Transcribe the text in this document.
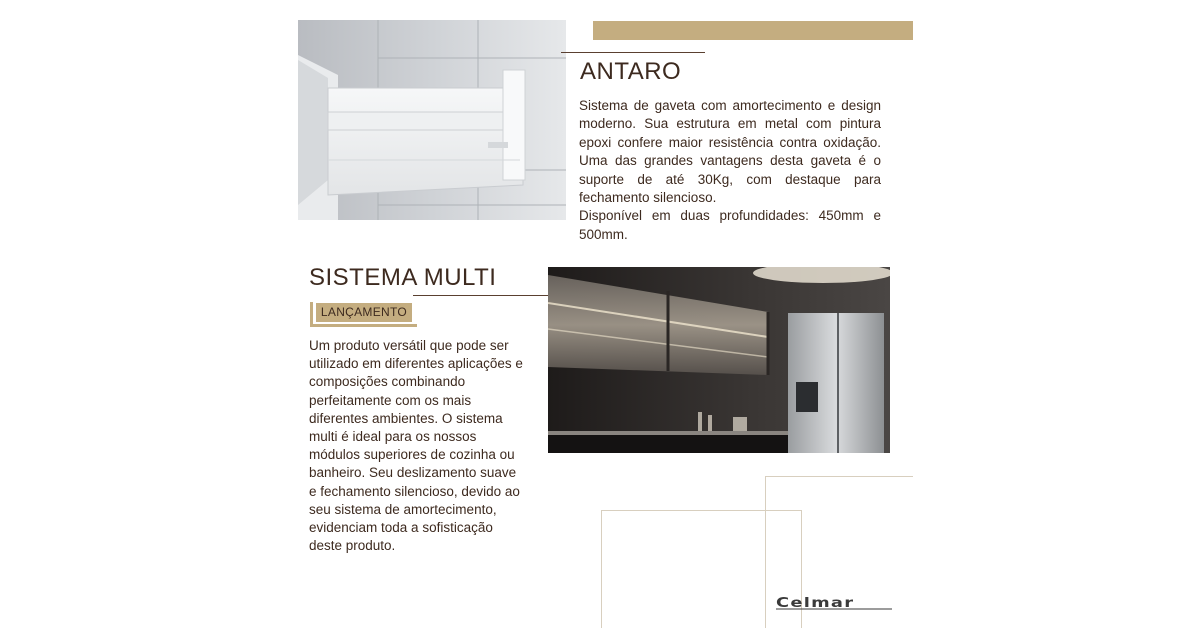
ANTARO

Sistema de gaveta com amortecimento e design moderno. Sua estrutura em metal com pintura epoxi confere maior resistência contra oxidação. Uma das grandes vantagens desta gaveta é o suporte de até 30Kg, com destaque para fechamento silencioso.

Disponível em duas profundidades: 450mm e 500mm.

SISTEMA MULTI
LANÇAMENTO

Um produto versátil que pode ser utilizado em diferentes aplicações e composições combinando perfeitamente com os mais diferentes ambientes. O sistema multi é ideal para os nossos módulos superiores de cozinha ou banheiro. Seu deslizamento suave e fechamento silencioso, devido ao seu sistema de amortecimento, evidenciam toda a sofisticação deste produto.

Celmar
